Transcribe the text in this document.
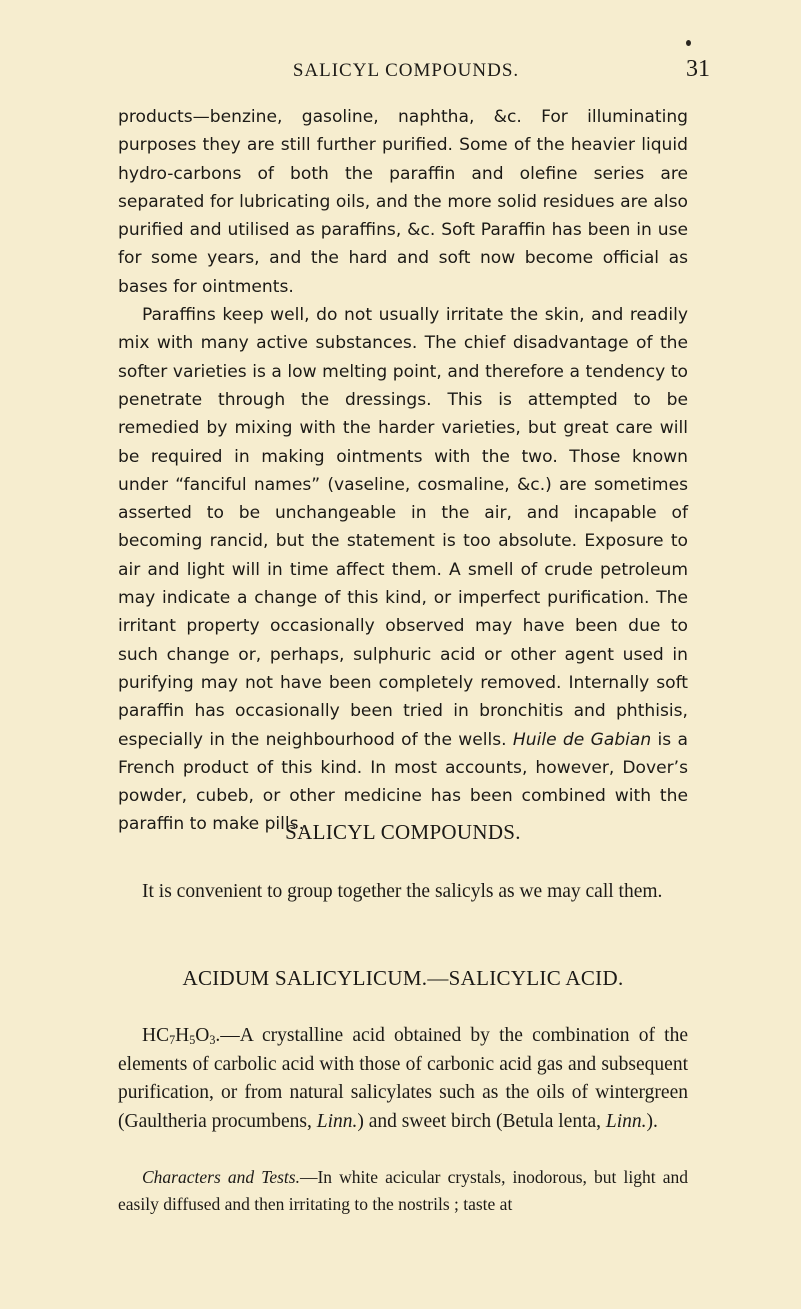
SALICYL COMPOUNDS.	31

products—benzine, gasoline, naphtha, &c. For illuminating purposes they are still further purified. Some of the heavier liquid hydro-carbons of both the paraffin and olefine series are separated for lubricating oils, and the more solid residues are also purified and utilised as paraffins, &c. Soft Paraffin has been in use for some years, and the hard and soft now become official as bases for ointments.

Paraffins keep well, do not usually irritate the skin, and readily mix with many active substances. The chief disadvantage of the softer varieties is a low melting point, and therefore a tendency to penetrate through the dressings. This is attempted to be remedied by mixing with the harder varieties, but great care will be required in making ointments with the two. Those known under “fanciful names” (vaseline, cosmaline, &c.) are sometimes asserted to be unchangeable in the air, and incapable of becoming rancid, but the statement is too absolute. Exposure to air and light will in time affect them. A smell of crude petroleum may indicate a change of this kind, or imperfect purification. The irritant property occasionally observed may have been due to such change or, perhaps, sulphuric acid or other agent used in purifying may not have been completely removed. Internally soft paraffin has occasionally been tried in bronchitis and phthisis, especially in the neighbourhood of the wells. Huile de Gabian is a French product of this kind. In most accounts, however, Dover’s powder, cubeb, or other medicine has been combined with the paraffin to make pills.

SALICYL COMPOUNDS.

It is convenient to group together the salicyls as we may call them.

ACIDUM SALICYLICUM.—SALICYLIC ACID.

$HC_7H_5O_3.—A$ crystalline acid obtained by the combination of the elements of carbolic acid with those of carbonic acid gas and subsequent purification, or from natural salicylates such as the oils of wintergreen (Gaultheria procumbens, Linn.) and sweet birch (Betula lenta, Linn.).

Characters and Tests.—In white acicular crystals, inodorous, but light and easily diffused and then irritating to the nostrils ; taste at
